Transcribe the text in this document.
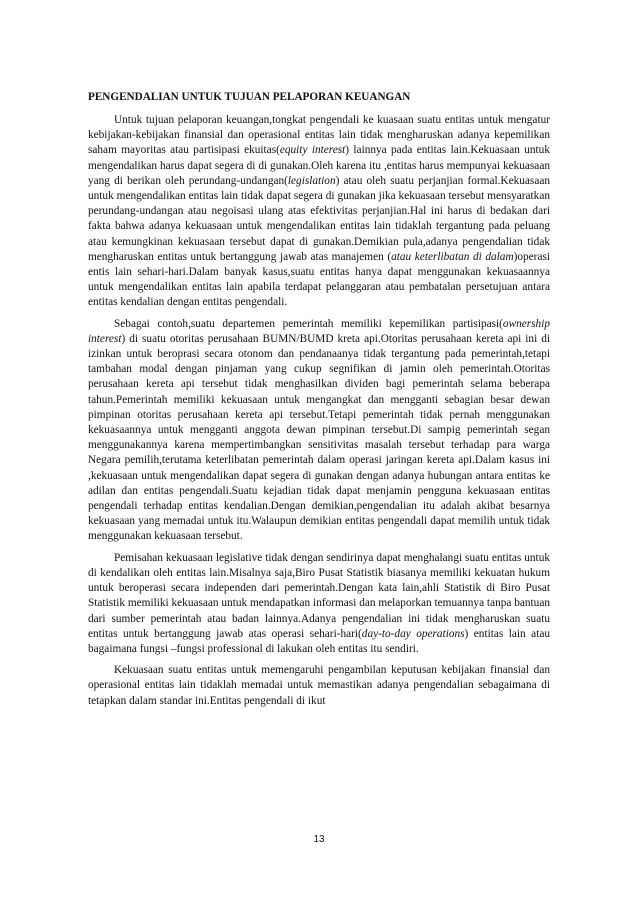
PENGENDALIAN UNTUK TUJUAN PELAPORAN KEUANGAN

Untuk tujuan pelaporan keuangan,tongkat pengendali ke kuasaan suatu entitas untuk mengatur kebijakan-kebijakan finansial dan operasional entitas lain tidak mengharuskan adanya kepemilikan saham mayoritas atau partisipasi ekuitas(equity interest) lainnya pada entitas lain.Kekuasaan untuk mengendalikan harus dapat segera di di gunakan.Oleh karena itu ,entitas harus mempunyai kekuasaan yang di berikan oleh perundang-undangan(legislation) atau oleh suatu perjanjian formal.Kekuasaan untuk mengendalikan entitas lain tidak dapat segera di gunakan jika kekuasaan tersebut mensyaratkan perundang-undangan atau negoisasi ulang atas efektivitas perjanjian.Hal ini harus di bedakan dari fakta bahwa adanya kekuasaan untuk mengendalikan entitas lain tidaklah tergantung pada peluang atau kemungkinan kekuasaan tersebut dapat di gunakan.Demikian pula,adanya pengendalian tidak mengharuskan entitas untuk bertanggung jawab atas manajemen (atau keterlibatan di dalam)operasi entis lain sehari-hari.Dalam banyak kasus,suatu entitas hanya dapat menggunakan kekuasaannya untuk mengendalikan entitas lain apabila terdapat pelanggaran atau pembatalan persetujuan antara entitas kendalian dengan entitas pengendali.

Sebagai contoh,suatu departemen pemerintah memiliki kepemilikan partisipasi(ownership interest) di suatu otoritas perusahaan BUMN/BUMD kreta api.Otoritas perusahaan kereta api ini di izinkan untuk beroprasi secara otonom dan pendanaanya tidak tergantung pada pemerintah,tetapi tambahan modal dengan pinjaman yang cukup segnifikan di jamin oleh pemerintah.Otoritas perusahaan kereta api tersebut tidak menghasilkan dividen bagi pemerintah selama beberapa tahun.Pemerintah memiliki kekuasaan untuk mengangkat dan mengganti sebagian besar dewan pimpinan otoritas perusahaan kereta api tersebut.Tetapi pemerintah tidak pernah menggunakan kekuasaannya untuk mengganti anggota dewan pimpinan tersebut.Di sampig pemerintah segan menggunakannya karena mempertimbangkan sensitivitas masalah tersebut terhadap para warga Negara pemilih,terutama keterlibatan pemerintah dalam operasi jaringan kereta api.Dalam kasus ini ,kekuasaan untuk mengendalikan dapat segera di gunakan dengan adanya hubungan antara entitas ke adilan dan entitas pengendali.Suatu kejadian tidak dapat menjamin pengguna kekuasaan entitas pengendali terhadap entitas kendalian.Dengan demikian,pengendalian itu adalah akibat besarnya kekuasaan yang memadai untuk itu.Walaupun demikian entitas pengendali dapat memilih untuk tidak menggunakan kekuasaan tersebut.

Pemisahan kekuasaan legislative tidak dengan sendirinya dapat menghalangi suatu entitas untuk di kendalikan oleh entitas lain.Misalnya saja,Biro Pusat Statistik biasanya memiliki kekuatan hukum untuk beroperasi secara independen dari pemerintah.Dengan kata lain,ahli Statistik di Biro Pusat Statistik memiliki kekuasaan untuk mendapatkan informasi dan melaporkan temuannya tanpa bantuan dari sumber pemerintah atau badan lainnya.Adanya pengendalian ini tidak mengharuskan suatu entitas untuk bertanggung jawab atas operasi sehari-hari(day-to-day operations) entitas lain atau bagaimana fungsi –fungsi professional di lakukan oleh entitas itu sendiri.

Kekuasaan suatu entitas untuk memengaruhi pengambilan keputusan kebijakan finansial dan operasional entitas lain tidaklah memadai untuk memastikan adanya pengendalian sebagaimana di tetapkan dalam standar ini.Entitas pengendali di ikut

13
